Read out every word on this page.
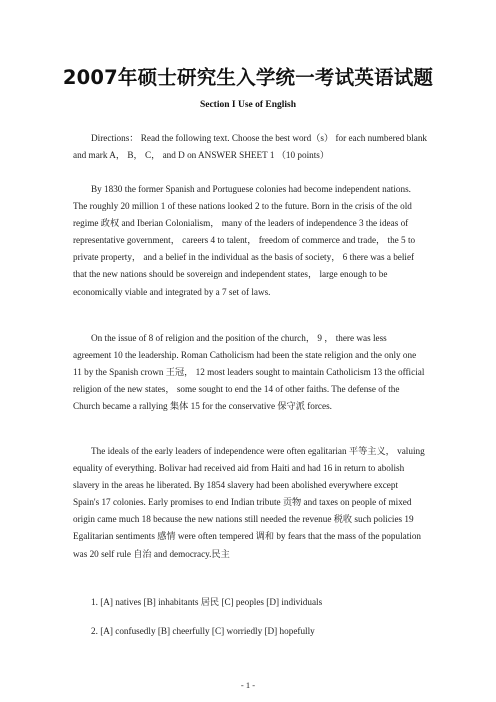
2007年硕士研究生入学统一考试英语试题
Section I Use of English
Directions： Read the following text. Choose the best word（s） for each numbered blank
and mark A， B， C， and D on ANSWER SHEET 1 （10 points）
By 1830 the former Spanish and Portuguese colonies had become independent nations.
The roughly 20 million 1 of these nations looked 2 to the future. Born in the crisis of the old
regime 政权 and Iberian Colonialism， many of the leaders of independence 3 the ideas of
representative government， careers 4 to talent， freedom of commerce and trade， the 5 to
private property， and a belief in the individual as the basis of society， 6 there was a belief
that the new nations should be sovereign and independent states， large enough to be
economically viable and integrated by a 7 set of laws.
On the issue of 8 of religion and the position of the church， 9 ， there was less
agreement 10 the leadership. Roman Catholicism had been the state religion and the only one
11 by the Spanish crown 王冠， 12 most leaders sought to maintain Catholicism 13 the official
religion of the new states， some sought to end the 14 of other faiths. The defense of the
Church became a rallying 集体 15 for the conservative 保守派 forces.
The ideals of the early leaders of independence were often egalitarian 平等主义， valuing
equality of everything. Bolivar had received aid from Haiti and had 16 in return to abolish
slavery in the areas he liberated. By 1854 slavery had been abolished everywhere except
Spain's 17 colonies. Early promises to end Indian tribute 贡物 and taxes on people of mixed
origin came much 18 because the new nations still needed the revenue 税收 such policies 19
Egalitarian sentiments 感情 were often tempered 调和 by fears that the mass of the population
was 20 self rule 自治 and democracy.民主
1. [A] natives [B] inhabitants 居民 [C] peoples [D] individuals
2. [A] confusedly [B] cheerfully [C] worriedly [D] hopefully
- 1 -
